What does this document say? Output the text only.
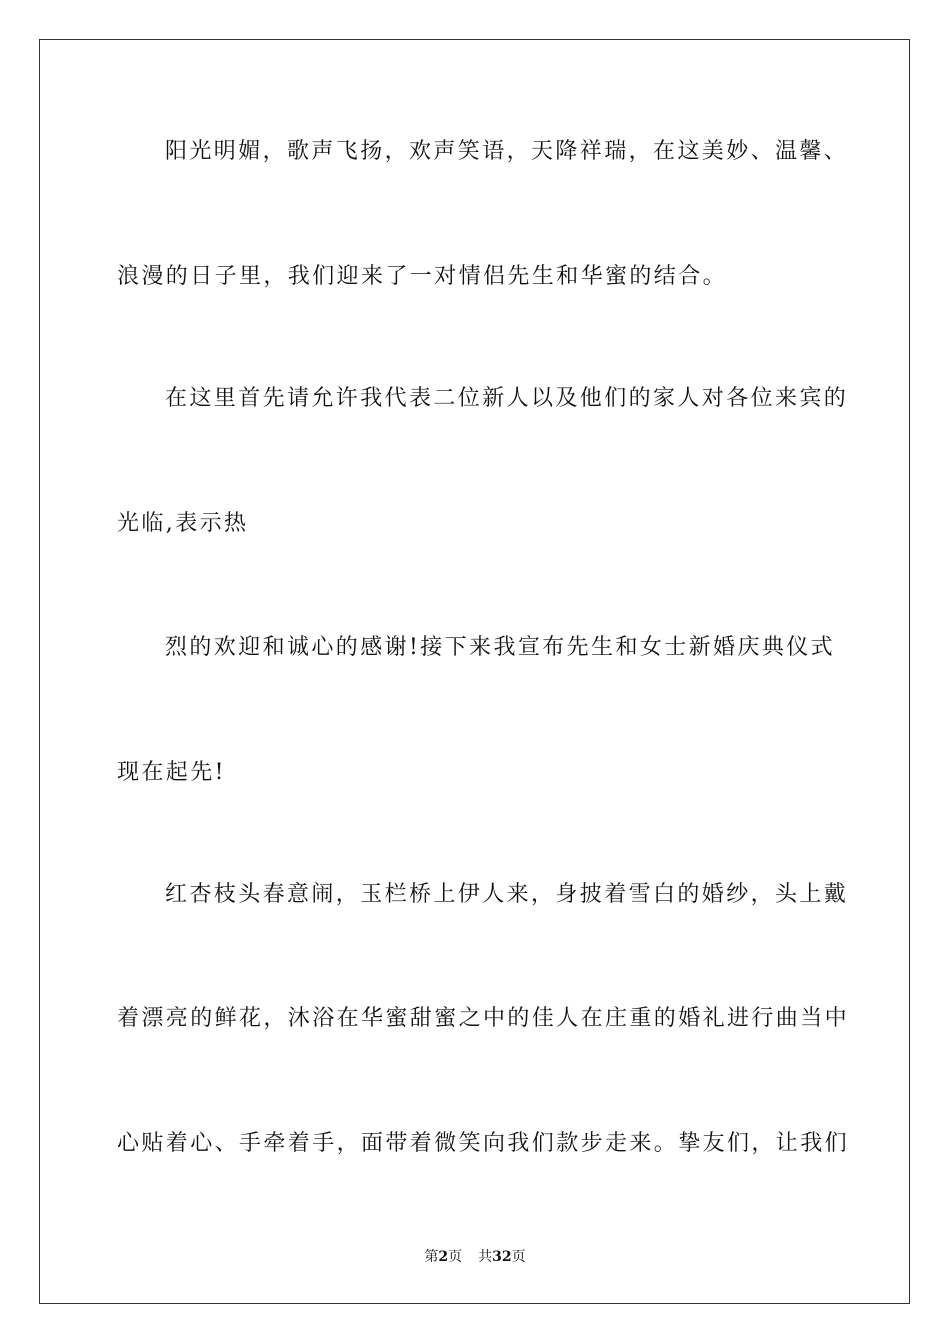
阳光明媚，歌声飞扬，欢声笑语，天降祥瑞，在这美妙、温馨、
浪漫的日子里，我们迎来了一对情侣先生和华蜜的结合。
在这里首先请允许我代表二位新人以及他们的家人对各位来宾的
光临,表示热
烈的欢迎和诚心的感谢!接下来我宣布先生和女士新婚庆典仪式
现在起先!
红杏枝头春意闹，玉栏桥上伊人来，身披着雪白的婚纱，头上戴
着漂亮的鲜花，沐浴在华蜜甜蜜之中的佳人在庄重的婚礼进行曲当中
心贴着心、手牵着手，面带着微笑向我们款步走来。挚友们，让我们
第2页 共32页
